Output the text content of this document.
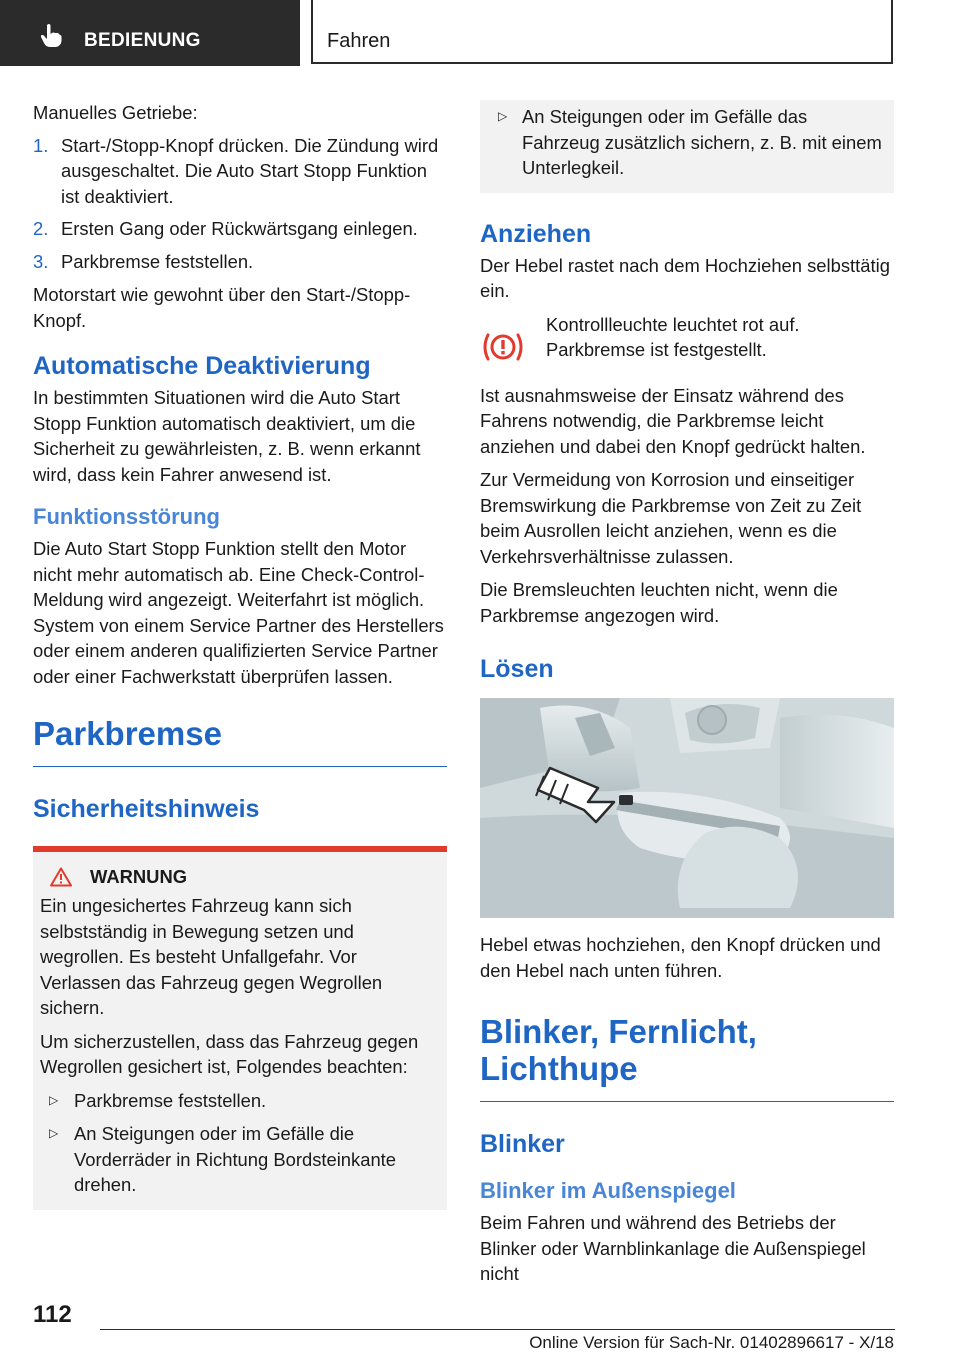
BEDIENUNG	Fahren

Manuelles Getriebe:

1. Start-/Stopp-Knopf drücken. Die Zündung wird ausgeschaltet. Die Auto Start Stopp Funktion ist deaktiviert.
2. Ersten Gang oder Rückwärtsgang einlegen.
3. Parkbremse feststellen.

Motorstart wie gewohnt über den Start-/Stopp-Knopf.

Automatische Deaktivierung

In bestimmten Situationen wird die Auto Start Stopp Funktion automatisch deaktiviert, um die Sicherheit zu gewährleisten, z. B. wenn erkannt wird, dass kein Fahrer anwesend ist.

Funktionsstörung

Die Auto Start Stopp Funktion stellt den Motor nicht mehr automatisch ab. Eine Check-Control-Meldung wird angezeigt. Weiterfahrt ist möglich. System von einem Service Partner des Herstellers oder einem anderen qualifizierten Service Partner oder einer Fachwerkstatt überprüfen lassen.

Parkbremse
Sicherheitshinweis
WARNUNG

Ein ungesichertes Fahrzeug kann sich selbstständig in Bewegung setzen und wegrollen. Es besteht Unfallgefahr. Vor Verlassen das Fahrzeug gegen Wegrollen sichern.

Um sicherzustellen, dass das Fahrzeug gegen Wegrollen gesichert ist, Folgendes beachten:

▷ Parkbremse feststellen.
▷ An Steigungen oder im Gefälle die Vorderräder in Richtung Bordsteinkante drehen.
▷ An Steigungen oder im Gefälle das Fahrzeug zusätzlich sichern, z. B. mit einem Unterlegkeil.
Anziehen

Der Hebel rastet nach dem Hochziehen selbsttätig ein.

Kontrollleuchte leuchtet rot auf. Parkbremse ist festgestellt.

Ist ausnahmsweise der Einsatz während des Fahrens notwendig, die Parkbremse leicht anziehen und dabei den Knopf gedrückt halten.

Zur Vermeidung von Korrosion und einseitiger Bremswirkung die Parkbremse von Zeit zu Zeit beim Ausrollen leicht anziehen, wenn es die Verkehrsverhältnisse zulassen.

Die Bremsleuchten leuchten nicht, wenn die Parkbremse angezogen wird.

Lösen

Hebel etwas hochziehen, den Knopf drücken und den Hebel nach unten führen.

Blinker, Fernlicht, Lichthupe
Blinker
Blinker im Außenspiegel

Beim Fahren und während des Betriebs der Blinker oder Warnblinkanlage die Außenspiegel nicht

112
Online Version für Sach-Nr. 01402896617 - X/18
